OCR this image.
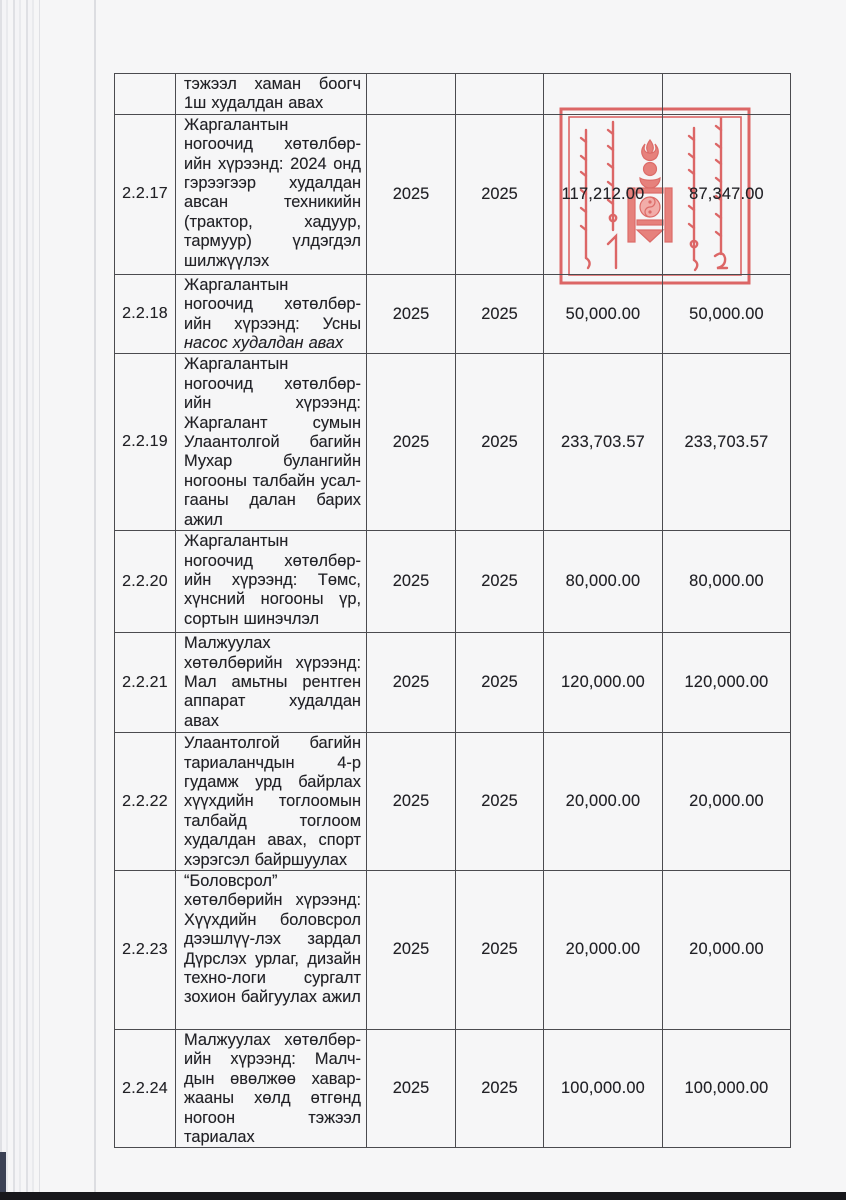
	тэжээл хаман боогч 1ш худалдан авах				
2.2.17	Жаргалантын ногоочид хөтөлбөр-ийн хүрээнд: 2024 онд гэрээгээр худалдан авсан техникийн (трактор, хадуур, тармуур) үлдэгдэл шилжүүлэх	2025	2025	117,212.00	87,347.00
2.2.18	Жаргалантын ногоочид хөтөлбөр-ийн хүрээнд: Усны насос худалдан авах	2025	2025	50,000.00	50,000.00
2.2.19	Жаргалантын ногоочид хөтөлбөр-ийн хүрээнд: Жаргалант сумын Улаантолгой багийн Мухар булангийн ногооны талбайн усал-гааны далан барих ажил	2025	2025	233,703.57	233,703.57
2.2.20	Жаргалантын ногоочид хөтөлбөр-ийн хүрээнд: Төмс, хүнсний ногооны үр, сортын шинэчлэл	2025	2025	80,000.00	80,000.00
2.2.21	Малжуулах хөтөлбөрийн хүрээнд: Мал амьтны рентген аппарат худалдан авах	2025	2025	120,000.00	120,000.00
2.2.22	Улаантолгой багийн тариаланчдын 4-р гудамж урд байрлах хүүхдийн тоглоомын талбайд тоглоом худалдан авах, спорт хэрэгсэл байршуулах	2025	2025	20,000.00	20,000.00
2.2.23	“Боловсрол” хөтөлбөрийн хүрээнд: Хүүхдийн боловсрол дээшлүү-лэх зардал Дүрслэх урлаг, дизайн техно-логи сургалт зохион байгуулах ажил	2025	2025	20,000.00	20,000.00
2.2.24	Малжуулах хөтөлбөр-ийн хүрээнд: Малч-дын өвөлжөө хавар-жааны хөлд өтгөнд ногоон тэжээл тариалах	2025	2025	100,000.00	100,000.00
